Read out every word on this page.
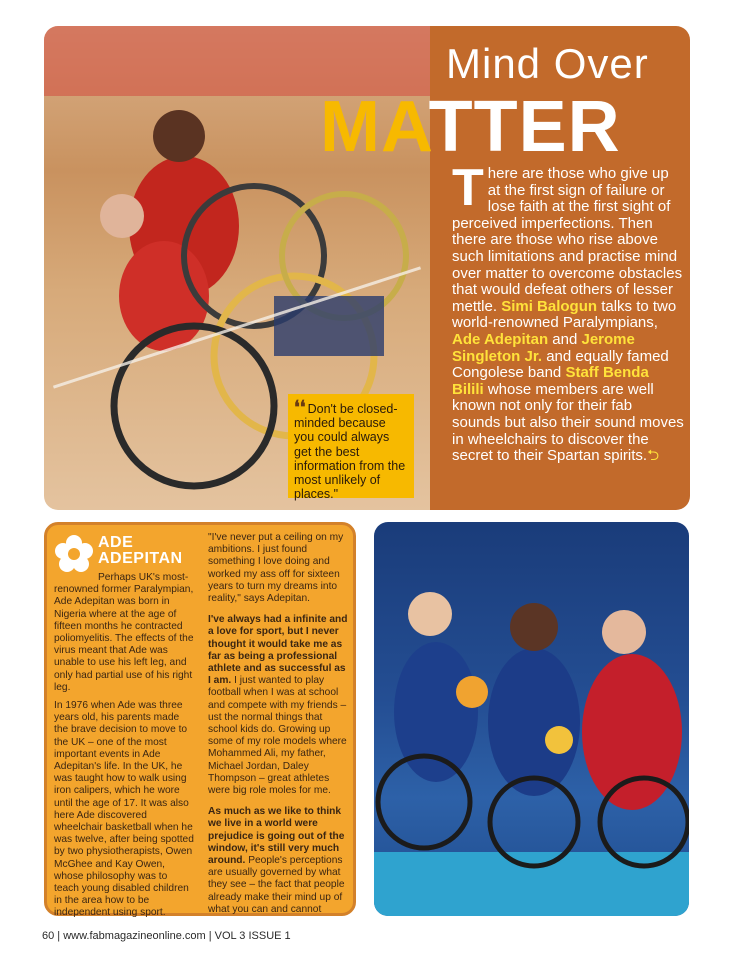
Mind Over
MATTER
There are those who give up at the first sign of failure or lose faith at the first sight of perceived imperfections. Then there are those who rise above such limitations and practise mind over matter to overcome obstacles that would defeat others of lesser mettle. Simi Balogun talks to two world-renowned Paralympians, Ade Adepitan and Jerome Singleton Jr. and equally famed Congolese band Staff Benda Bilili whose members are well known not only for their fab sounds but also their sound moves in wheelchairs to discover the secret to their Spartan spirits.⮌
❛❛ Don't be closed-minded because you could always get the best information from the most unlikely of places."
ADE
ADEPITAN

Perhaps UK's most-renowned former Paralympian, Ade Adepitan was born in Nigeria where at the age of fifteen months he contracted poliomyelitis. The effects of the virus meant that Ade was unable to use his left leg, and only had partial use of his right leg.

In 1976 when Ade was three years old, his parents made the brave decision to move to the UK – one of the most important events in Ade Adepitan's life. In the UK, he was taught how to walk using iron calipers, which he wore until the age of 17. It was also here Ade discovered wheelchair basketball when he was twelve, after being spotted by two physiotherapists, Owen McGhee and Kay Owen, whose philosophy was to teach young disabled children in the area how to be independent using sport.

"I've never put a ceiling on my ambitions. I just found something I love doing and worked my ass off for sixteen years to turn my dreams into reality," says Adepitan.

I've always had a infinite and a love for sport, but I never thought it would take me as far as being a professional athlete and as successful as I am. I just wanted to play football when I was at school and compete with my friends –ust the normal things that school kids do. Growing up some of my role models where Mohammed Ali, my father, Michael Jordan, Daley Thompson – great athletes were big role moles for me.

As much as we like to think we live in a world were prejudice is going out of the window, it's still very much around. People's perceptions are usually governed by what they see – the fact that people already make their mind up of what you can and cannot

60 | www.fabmagazineonline.com | VOL 3 ISSUE 1
